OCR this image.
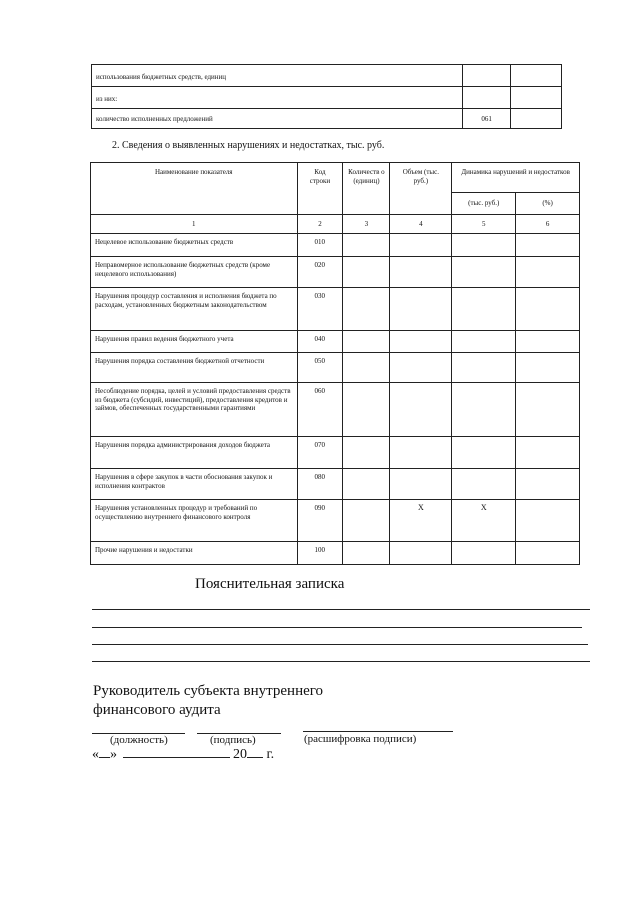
использования бюджетных средств, единиц		
из них:		
количество исполненных предложений	061	
2. Сведения о выявленных нарушениях и недостатках, тыс. руб.
Наименование показателя	Код строки	Количеств о (единиц)	Объем (тыс. руб.)	Динамика нарушений и недостатков	
				(тыс. руб.)	(%)
1	2	3	4	5	6
Нецелевое использование бюджетных средств	010				
Неправомерное использование бюджетных средств (кроме нецелевого использования)	020				
Нарушения процедур составления и исполнения бюджета по расходам, установленных бюджетным законодательством	030				
Нарушения правил ведения бюджетного учета	040				
Нарушения порядка составления бюджетной отчетности	050				
Несоблюдение порядка, целей и условий предоставления средств из бюджета (субсидий, инвестиций), предоставления кредитов и займов, обеспеченных государственными гарантиями	060				
Нарушения порядка администрирования доходов бюджета	070				
Нарушения в сфере закупок в части обоснования закупок и исполнения контрактов	080				
Нарушения установленных процедур и требований по осуществлению внутреннего финансового контроля	090		X	X	
Прочие нарушения и недостатки	100				
Пояснительная записка
Руководитель субъекта внутреннего
финансового аудита
(должность)	(подпись)	(расшифровка подписи)
« »	20 г.
